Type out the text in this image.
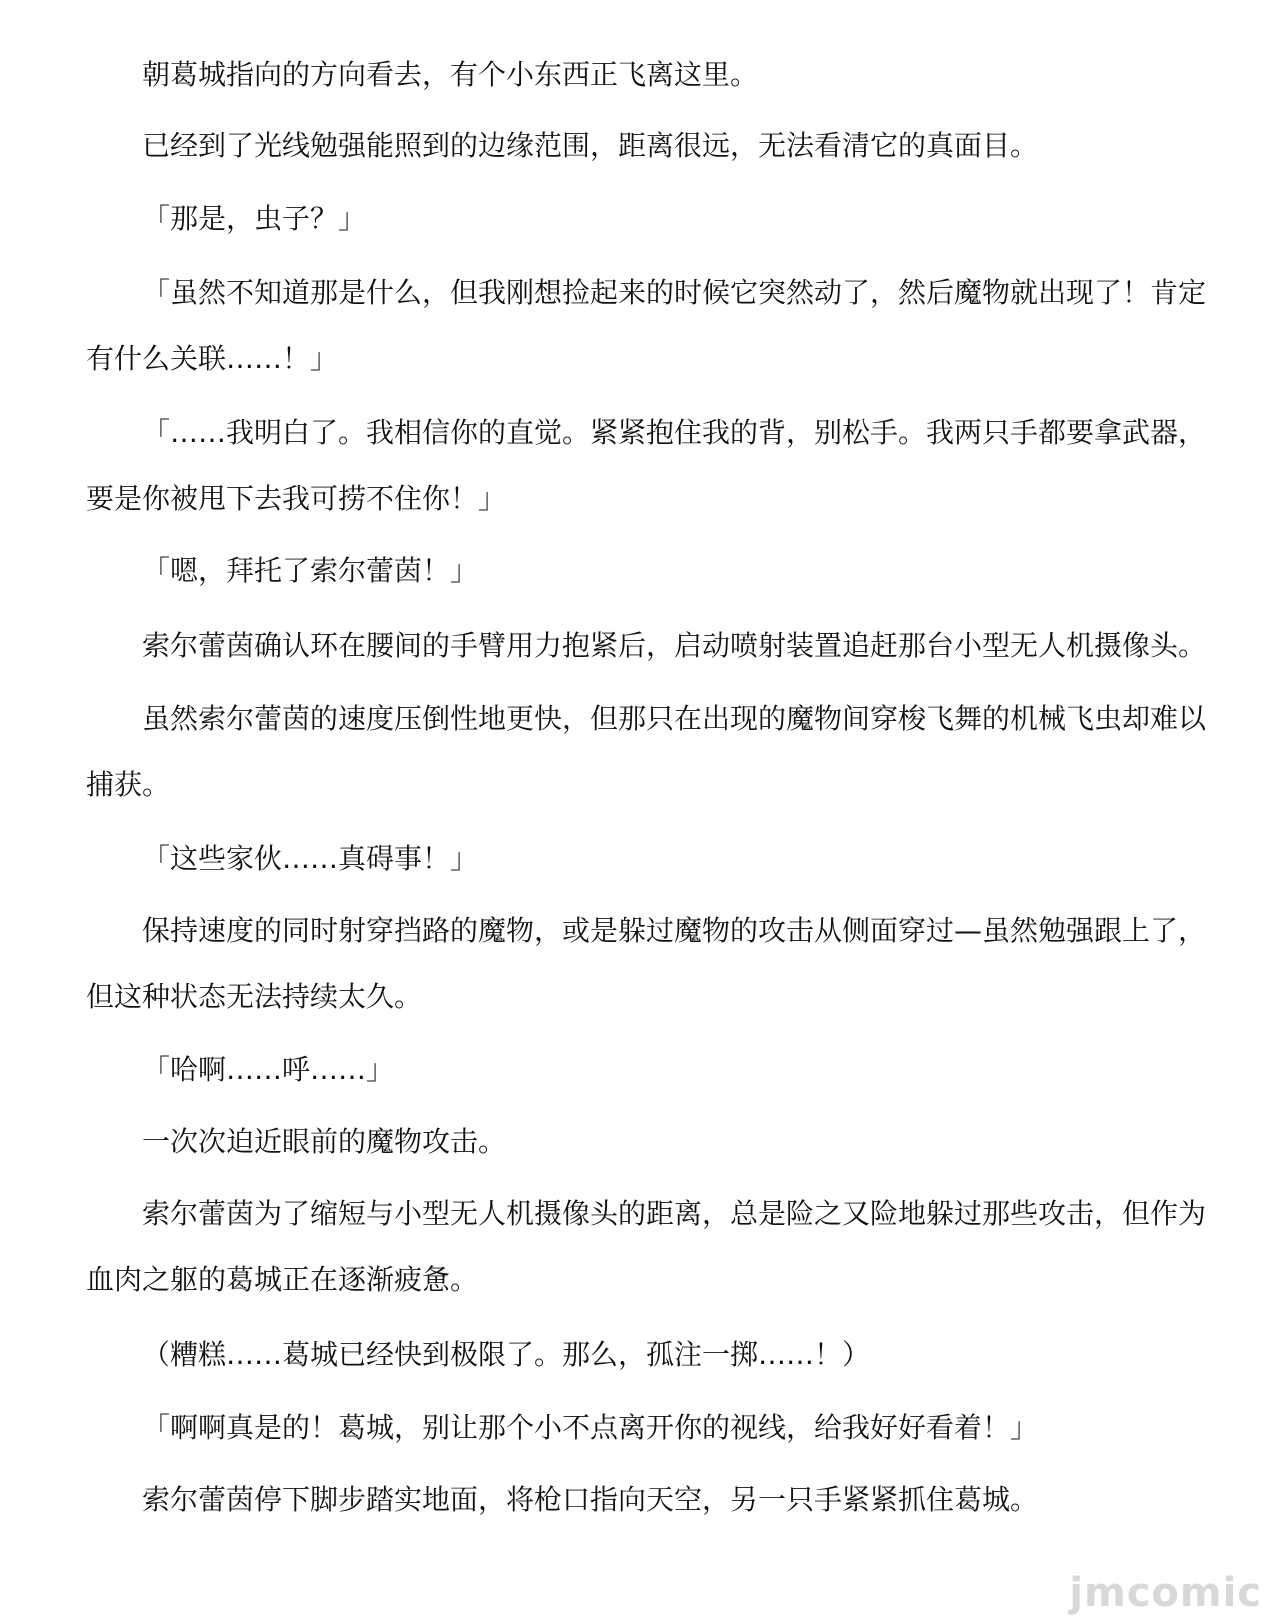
朝葛城指向的方向看去，有个小东西正飞离这里。

已经到了光线勉强能照到的边缘范围，距离很远，无法看清它的真面目。

「那是，虫子？」

「虽然不知道那是什么，但我刚想捡起来的时候它突然动了，然后魔物就出现了！肯定有什么关联……！」

「……我明白了。我相信你的直觉。紧紧抱住我的背，别松手。我两只手都要拿武器，要是你被甩下去我可捞不住你！」

「嗯，拜托了索尔蕾茵！」

索尔蕾茵确认环在腰间的手臂用力抱紧后，启动喷射装置追赶那台小型无人机摄像头。

虽然索尔蕾茵的速度压倒性地更快，但那只在出现的魔物间穿梭飞舞的机械飞虫却难以捕获。

「这些家伙……真碍事！」

保持速度的同时射穿挡路的魔物，或是躲过魔物的攻击从侧面穿过—虽然勉强跟上了，但这种状态无法持续太久。

「哈啊……呼……」

一次次迫近眼前的魔物攻击。

索尔蕾茵为了缩短与小型无人机摄像头的距离，总是险之又险地躲过那些攻击，但作为血肉之躯的葛城正在逐渐疲惫。

（糟糕……葛城已经快到极限了。那么，孤注一掷……！）

「啊啊真是的！葛城，别让那个小不点离开你的视线，给我好好看着！」

索尔蕾茵停下脚步踏实地面，将枪口指向天空，另一只手紧紧抓住葛城。

jmcomic
